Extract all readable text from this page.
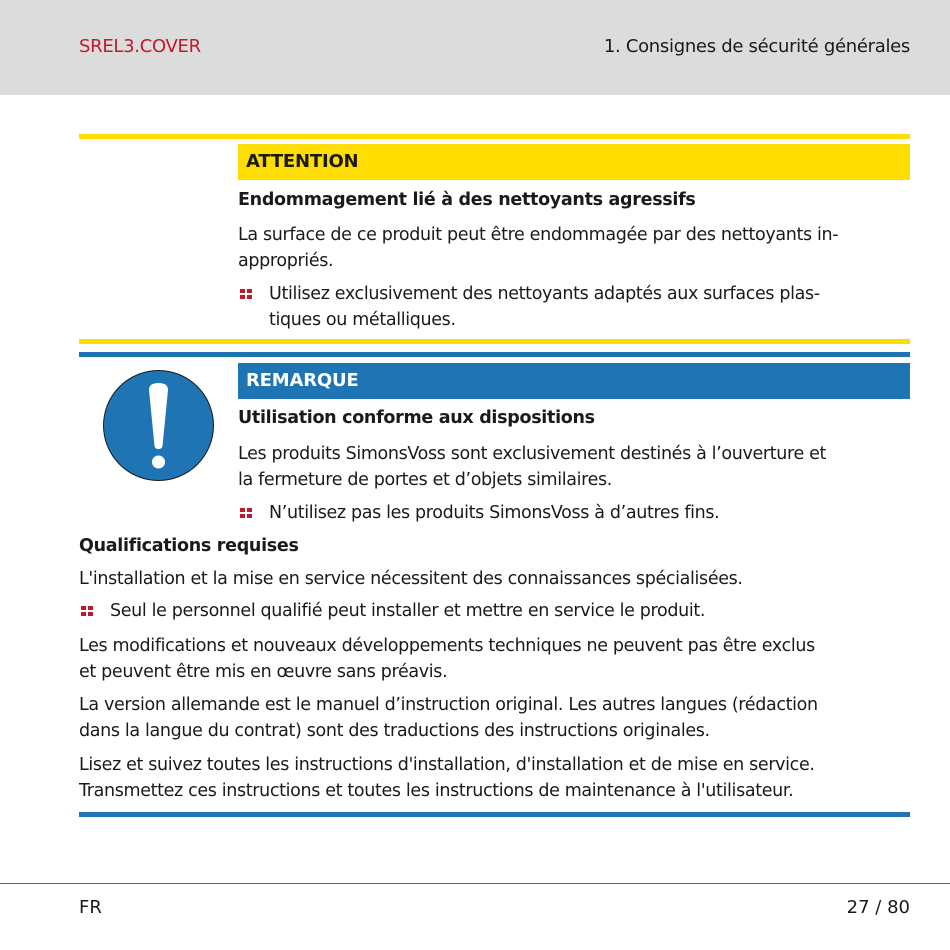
SREL3.COVER	1. Consignes de sécurité générales
ATTENTION
Endommagement lié à des nettoyants agressifs
La surface de ce produit peut être endommagée par des nettoyants in-
appropriés.
Utilisez exclusivement des nettoyants adaptés aux surfaces plas-
tiques ou métalliques.
REMARQUE
Utilisation conforme aux dispositions
Les produits SimonsVoss sont exclusivement destinés à l’ouverture et
la fermeture de portes et d’objets similaires.
N’utilisez pas les produits SimonsVoss à d’autres fins.
Qualifications requises
L'installation et la mise en service nécessitent des connaissances spécialisées.
Seul le personnel qualifié peut installer et mettre en service le produit.
Les modifications et nouveaux développements techniques ne peuvent pas être exclus
et peuvent être mis en œuvre sans préavis.
La version allemande est le manuel d’instruction original. Les autres langues (rédaction
dans la langue du contrat) sont des traductions des instructions originales.
Lisez et suivez toutes les instructions d'installation, d'installation et de mise en service.
Transmettez ces instructions et toutes les instructions de maintenance à l'utilisateur.
FR	27 / 80
